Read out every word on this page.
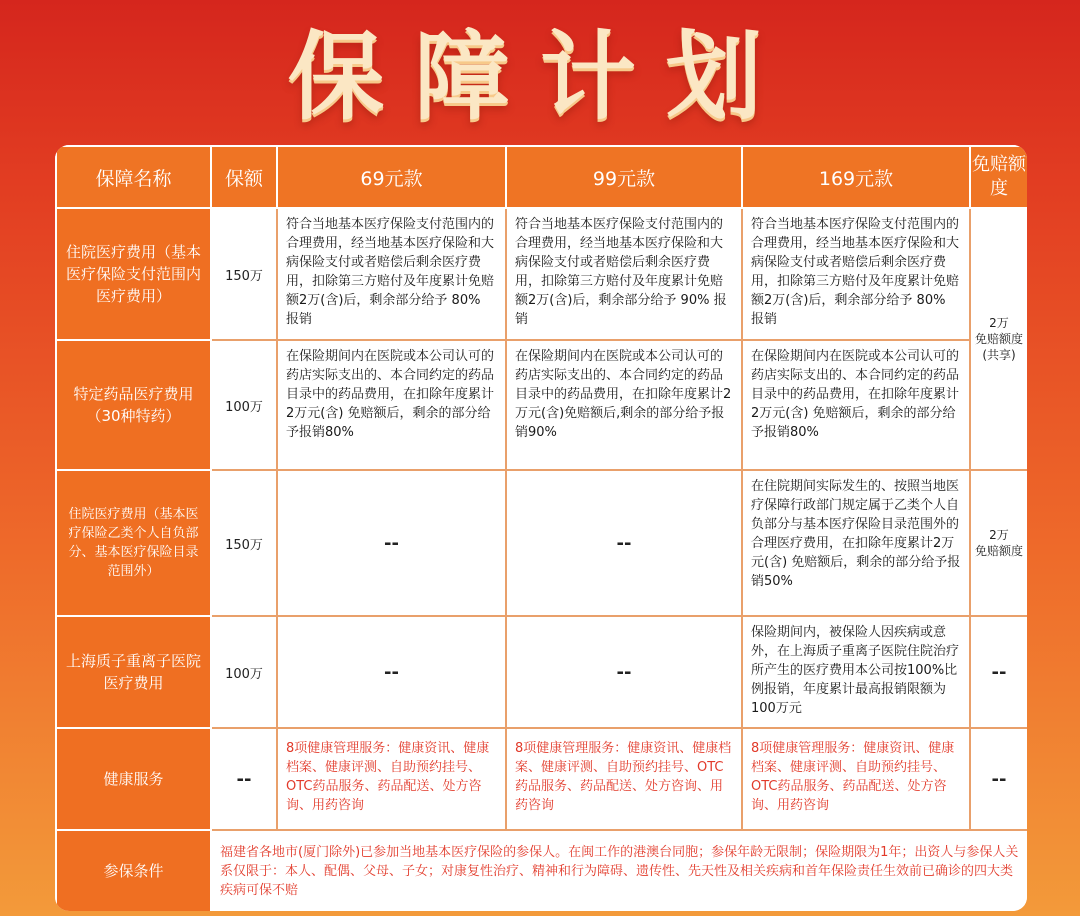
保障计划
保障名称	保额	69元款	99元款	169元款	免赔额度
住院医疗费用（基本医疗保险支付范围内医疗费用）	150万	符合当地基本医疗保险支付范围内的合理费用，经当地基本医疗保险和大病保险支付或者赔偿后剩余医疗费用，扣除第三方赔付及年度累计免赔额2万(含)后，剩余部分给予 80% 报销	符合当地基本医疗保险支付范围内的合理费用，经当地基本医疗保险和大病保险支付或者赔偿后剩余医疗费用，扣除第三方赔付及年度累计免赔额2万(含)后，剩余部分给予 90% 报销	符合当地基本医疗保险支付范围内的合理费用，经当地基本医疗保险和大病保险支付或者赔偿后剩余医疗费用，扣除第三方赔付及年度累计免赔额2万(含)后，剩余部分给予 80% 报销	2万
免赔额度
(共享)

特定药品医疗费用（30种特药）	100万	在保险期间内在医院或本公司认可的药店实际支出的、本合同约定的药品目录中的药品费用，在扣除年度累计2万元(含) 免赔额后，剩余的部分给予报销80%	在保险期间内在医院或本公司认可的药店实际支出的、本合同约定的药品目录中的药品费用，在扣除年度累计2万元(含)免赔额后,剩余的部分给予报销90%	在保险期间内在医院或本公司认可的药店实际支出的、本合同约定的药品目录中的药品费用，在扣除年度累计2万元(含) 免赔额后，剩余的部分给予报销80%	
住院医疗费用（基本医疗保险乙类个人自负部分、基本医疗保险目录范围外）	150万	--	--	在住院期间实际发生的、按照当地医疗保障行政部门规定属于乙类个人自负部分与基本医疗保险目录范围外的合理医疗费用，在扣除年度累计2万元(含) 免赔额后，剩余的部分给予报销50%	2万
免赔额度

上海质子重离子医院医疗费用	100万	--	--	保险期间内，被保险人因疾病或意外，在上海质子重离子医院住院治疗所产生的医疗费用本公司按100%比例报销，年度累计最高报销限额为100万元	--
健康服务	--	8项健康管理服务：健康资讯、健康档案、健康评测、自助预约挂号、OTC药品服务、药品配送、处方咨询、用药咨询	8项健康管理服务：健康资讯、健康档案、健康评测、自助预约挂号、OTC药品服务、药品配送、处方咨询、用药咨询	8项健康管理服务：健康资讯、健康档案、健康评测、自助预约挂号、OTC药品服务、药品配送、处方咨询、用药咨询	--
参保条件	福建省各地市(厦门除外)已参加当地基本医疗保险的参保人。在闽工作的港澳台同胞；参保年龄无限制；保险期限为1年；出资人与参保人关系仅限于：本人、配偶、父母、子女；对康复性治疗、精神和行为障碍、遗传性、先天性及相关疾病和首年保险责任生效前已确诊的四大类疾病可保不赔				
